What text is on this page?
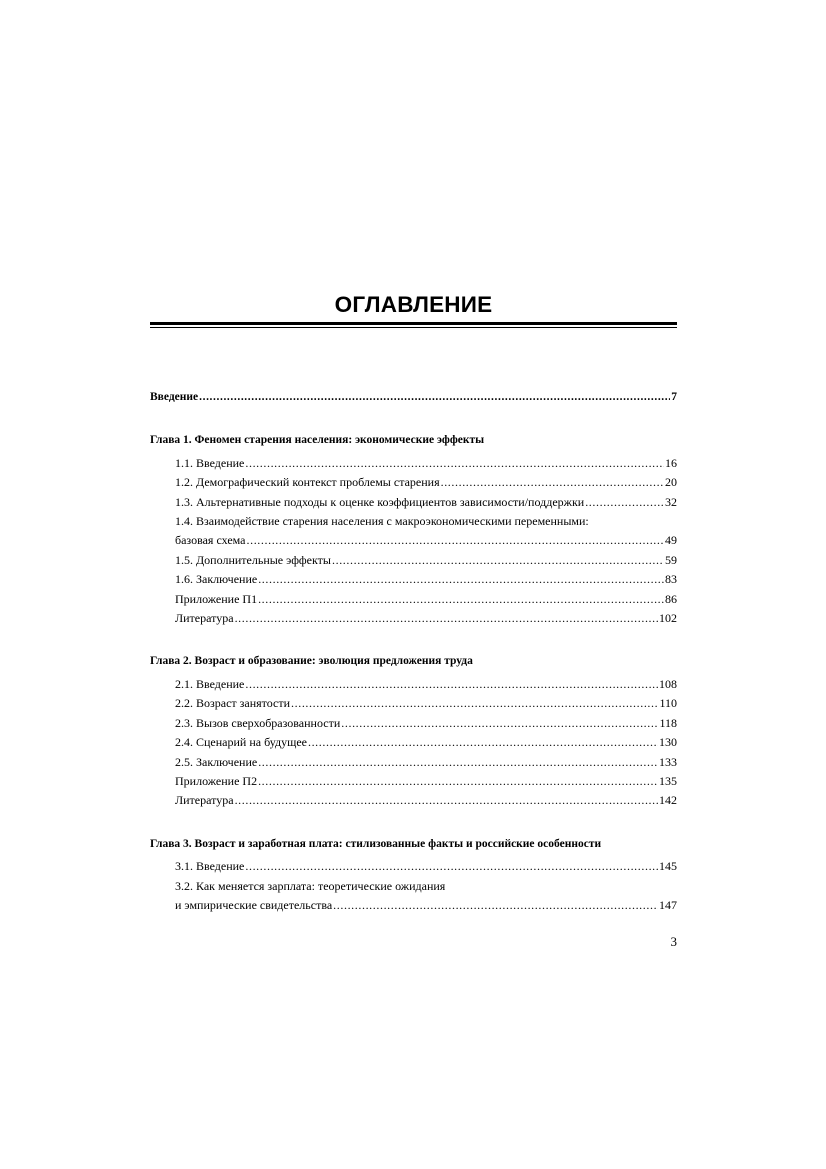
ОГЛАВЛЕНИЕ
Введение .....	7
Глава 1. Феномен старения населения: экономические эффекты
1.1. Введение .....	16
1.2. Демографический контекст проблемы старения .....	20
1.3. Альтернативные подходы к оценке коэффициентов зависимости/поддержки .....	32
1.4. Взаимодействие старения населения с макроэкономическими переменными:
базовая схема .....	49
1.5. Дополнительные эффекты .....	59
1.6. Заключение .....	83
Приложение П1 .....	86
Литература .....	102
Глава 2. Возраст и образование: эволюция предложения труда
2.1. Введение .....	108
2.2. Возраст занятости .....	110
2.3. Вызов сверхобразованности .....	118
2.4. Сценарий на будущее .....	130
2.5. Заключение .....	133
Приложение П2 .....	135
Литература .....	142
Глава 3. Возраст и заработная плата: стилизованные факты и российские особенности
3.1. Введение .....	145
3.2. Как меняется зарплата: теоретические ожидания
и эмпирические свидетельства .....	147
3
